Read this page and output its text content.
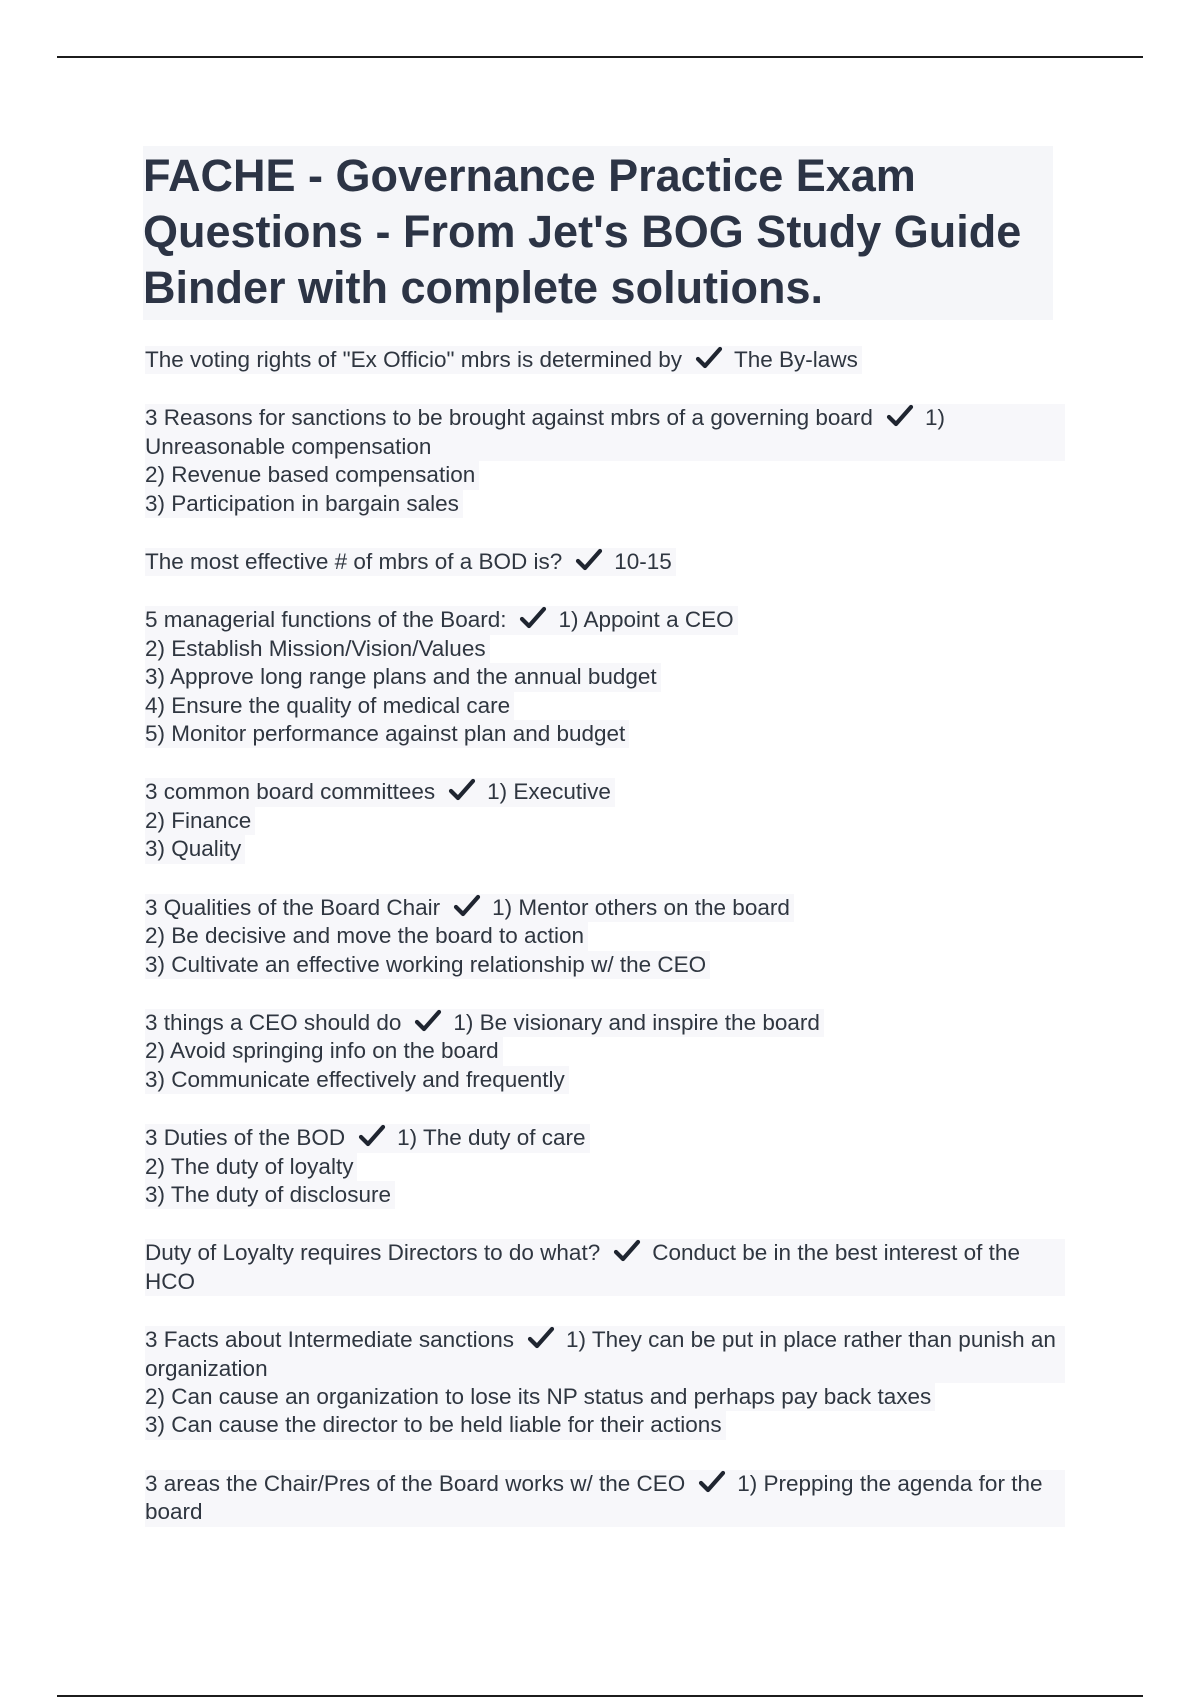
FACHE - Governance Practice Exam Questions - From Jet's BOG Study Guide Binder with complete solutions.
The voting rights of "Ex Officio" mbrs is determined by The By-laws
3 Reasons for sanctions to be brought against mbrs of a governing board 1) Unreasonable compensation
2) Revenue based compensation
3) Participation in bargain sales
The most effective # of mbrs of a BOD is? 10-15
5 managerial functions of the Board: 1) Appoint a CEO
2) Establish Mission/Vision/Values
3) Approve long range plans and the annual budget
4) Ensure the quality of medical care
5) Monitor performance against plan and budget
3 common board committees 1) Executive
2) Finance
3) Quality
3 Qualities of the Board Chair 1) Mentor others on the board
2) Be decisive and move the board to action
3) Cultivate an effective working relationship w/ the CEO
3 things a CEO should do 1) Be visionary and inspire the board
2) Avoid springing info on the board
3) Communicate effectively and frequently
3 Duties of the BOD 1) The duty of care
2) The duty of loyalty
3) The duty of disclosure
Duty of Loyalty requires Directors to do what? Conduct be in the best interest of the HCO
3 Facts about Intermediate sanctions 1) They can be put in place rather than punish an organization
2) Can cause an organization to lose its NP status and perhaps pay back taxes
3) Can cause the director to be held liable for their actions
3 areas the Chair/Pres of the Board works w/ the CEO 1) Prepping the agenda for the board
